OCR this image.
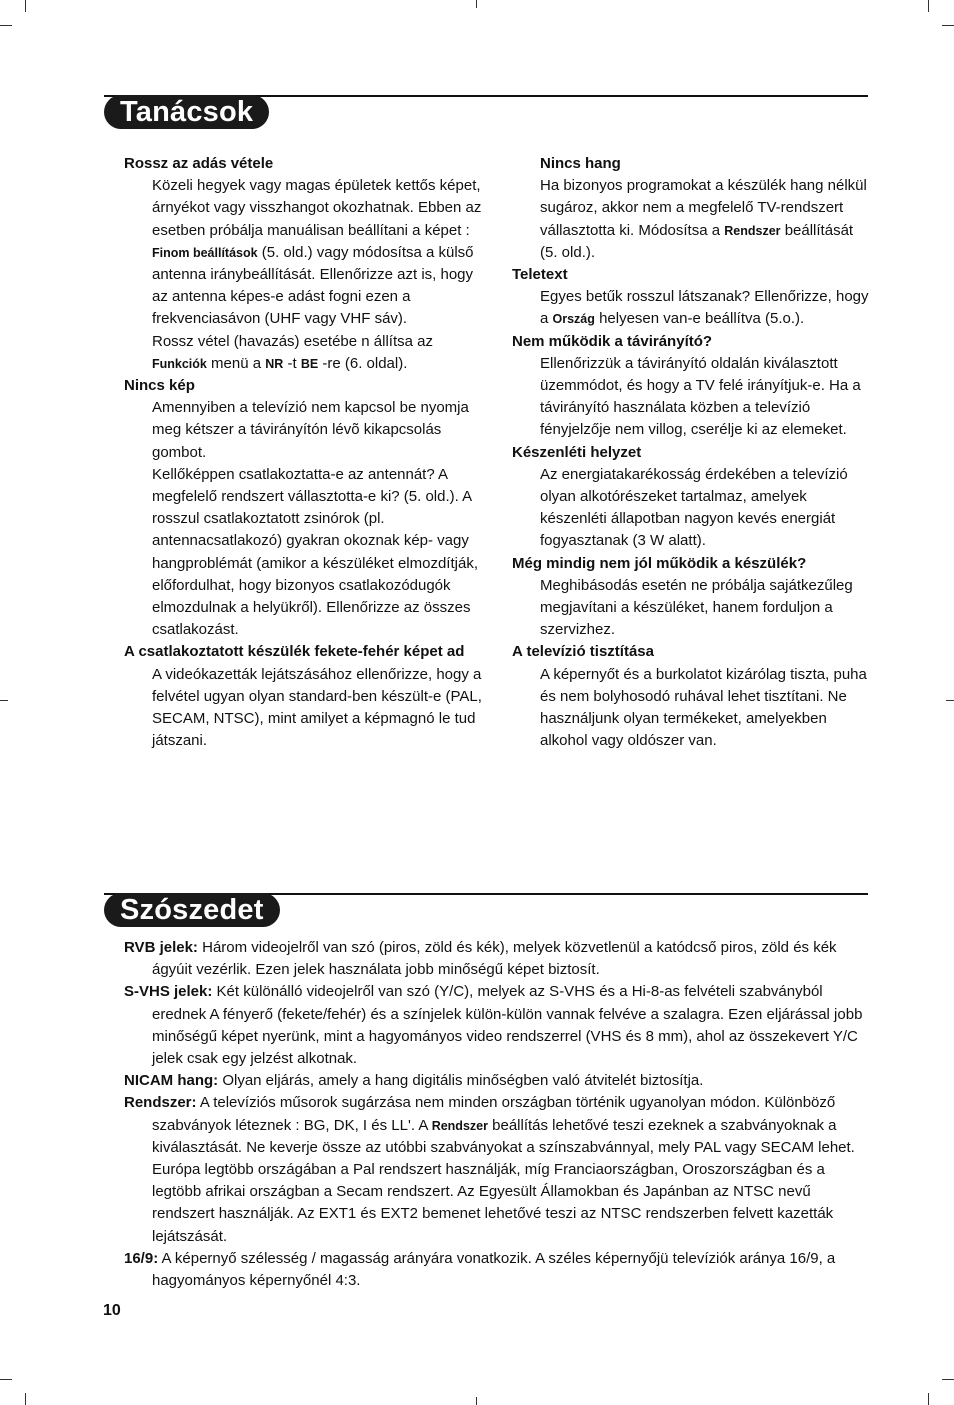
Tanácsok

Rossz az adás vétele

Közeli hegyek vagy magas épületek kettős képet, árnyékot vagy visszhangot okozhatnak. Ebben az esetben próbálja manuálisan beállítani a képet : Finom beállítások (5. old.) vagy módosítsa a külső antenna iránybeállítását. Ellenőrizze azt is, hogy az antenna képes-e adást fogni ezen a frekvenciasávon (UHF vagy VHF sáv).

Rossz vétel (havazás) esetébe n állítsa az Funkciók menü a NR -t BE -re (6. oldal).

Nincs kép

Amennyiben a televízió nem kapcsol be nyomja meg kétszer a távirányítón lévõ kikapcsolás gombot.

Kellőképpen csatlakoztatta-e az antennát? A megfelelő rendszert vállasztotta-e ki? (5. old.). A rosszul csatlakoztatott zsinórok (pl. antennacsatlakozó) gyakran okoznak kép- vagy hangproblémát (amikor a készüléket elmozdítják, előfordulhat, hogy bizonyos csatlakozódugók elmozdulnak a helyükről). Ellenőrizze az összes csatlakozást.

A csatlakoztatott készülék fekete-fehér képet ad

A videókazetták lejátszásához ellenőrizze, hogy a felvétel ugyan olyan standard-ben készült-e (PAL, SECAM, NTSC), mint amilyet a képmagnó le tud játszani.

Nincs hang

Ha bizonyos programokat a készülék hang nélkül sugároz, akkor nem a megfelelő TV-rendszert vállasztotta ki. Módosítsa a Rendszer beállítását (5. old.).

Teletext

Egyes betűk rosszul látszanak? Ellenőrizze, hogy a Ország helyesen van-e beállítva (5.o.).

Nem működik a távirányító?

Ellenőrizzük a távirányító oldalán kiválasztott üzemmódot, és hogy a TV felé irányítjuk-e. Ha a távirányító használata közben a televízió fényjelzője nem villog, cserélje ki az elemeket.

Készenléti helyzet

Az energiatakarékosság érdekében a televízió olyan alkotórészeket tartalmaz, amelyek készenléti állapotban nagyon kevés energiát fogyasztanak (3 W alatt).

Még mindig nem jól működik a készülék?

Meghibásodás esetén ne próbálja sajátkezűleg megjavítani a készüléket, hanem forduljon a szervizhez.

A televízió tisztítása

A képernyőt és a burkolatot kizárólag tiszta, puha és nem bolyhosodó ruhával lehet tisztítani. Ne használjunk olyan termékeket, amelyekben alkohol vagy oldószer van.

Szószedet

RVB jelek: Három videojelről van szó (piros, zöld és kék), melyek közvetlenül a katódcső piros, zöld és kék ágyúit vezérlik. Ezen jelek használata jobb minőségű képet biztosít.

S-VHS jelek: Két különálló videojelről van szó (Y/C), melyek az S-VHS és a Hi-8-as felvételi szabványból erednek A fényerő (fekete/fehér) és a színjelek külön-külön vannak felvéve a szalagra. Ezen eljárással jobb minőségű képet nyerünk, mint a hagyományos video rendszerrel (VHS és 8 mm), ahol az összekevert Y/C jelek csak egy jelzést alkotnak.

NICAM hang: Olyan eljárás, amely a hang digitális minőségben való átvitelét biztosítja.

Rendszer: A televíziós műsorok sugárzása nem minden országban történik ugyanolyan módon. Különböző szabványok léteznek : BG, DK, I és LL'. A Rendszer beállítás lehetővé teszi ezeknek a szabványoknak a kiválasztását. Ne keverje össze az utóbbi szabványokat a színszabvánnyal, mely PAL vagy SECAM lehet. Európa legtöbb országában a Pal rendszert használják, míg Franciaországban, Oroszországban és a legtöbb afrikai országban a Secam rendszert. Az Egyesült Államokban és Japánban az NTSC nevű rendszert használják. Az EXT1 és EXT2 bemenet lehetővé teszi az NTSC rendszerben felvett kazetták lejátszását.

16/9: A képernyő szélesség / magasság arányára vonatkozik. A széles képernyőjü televíziók aránya 16/9, a hagyományos képernyőnél 4:3.

10
